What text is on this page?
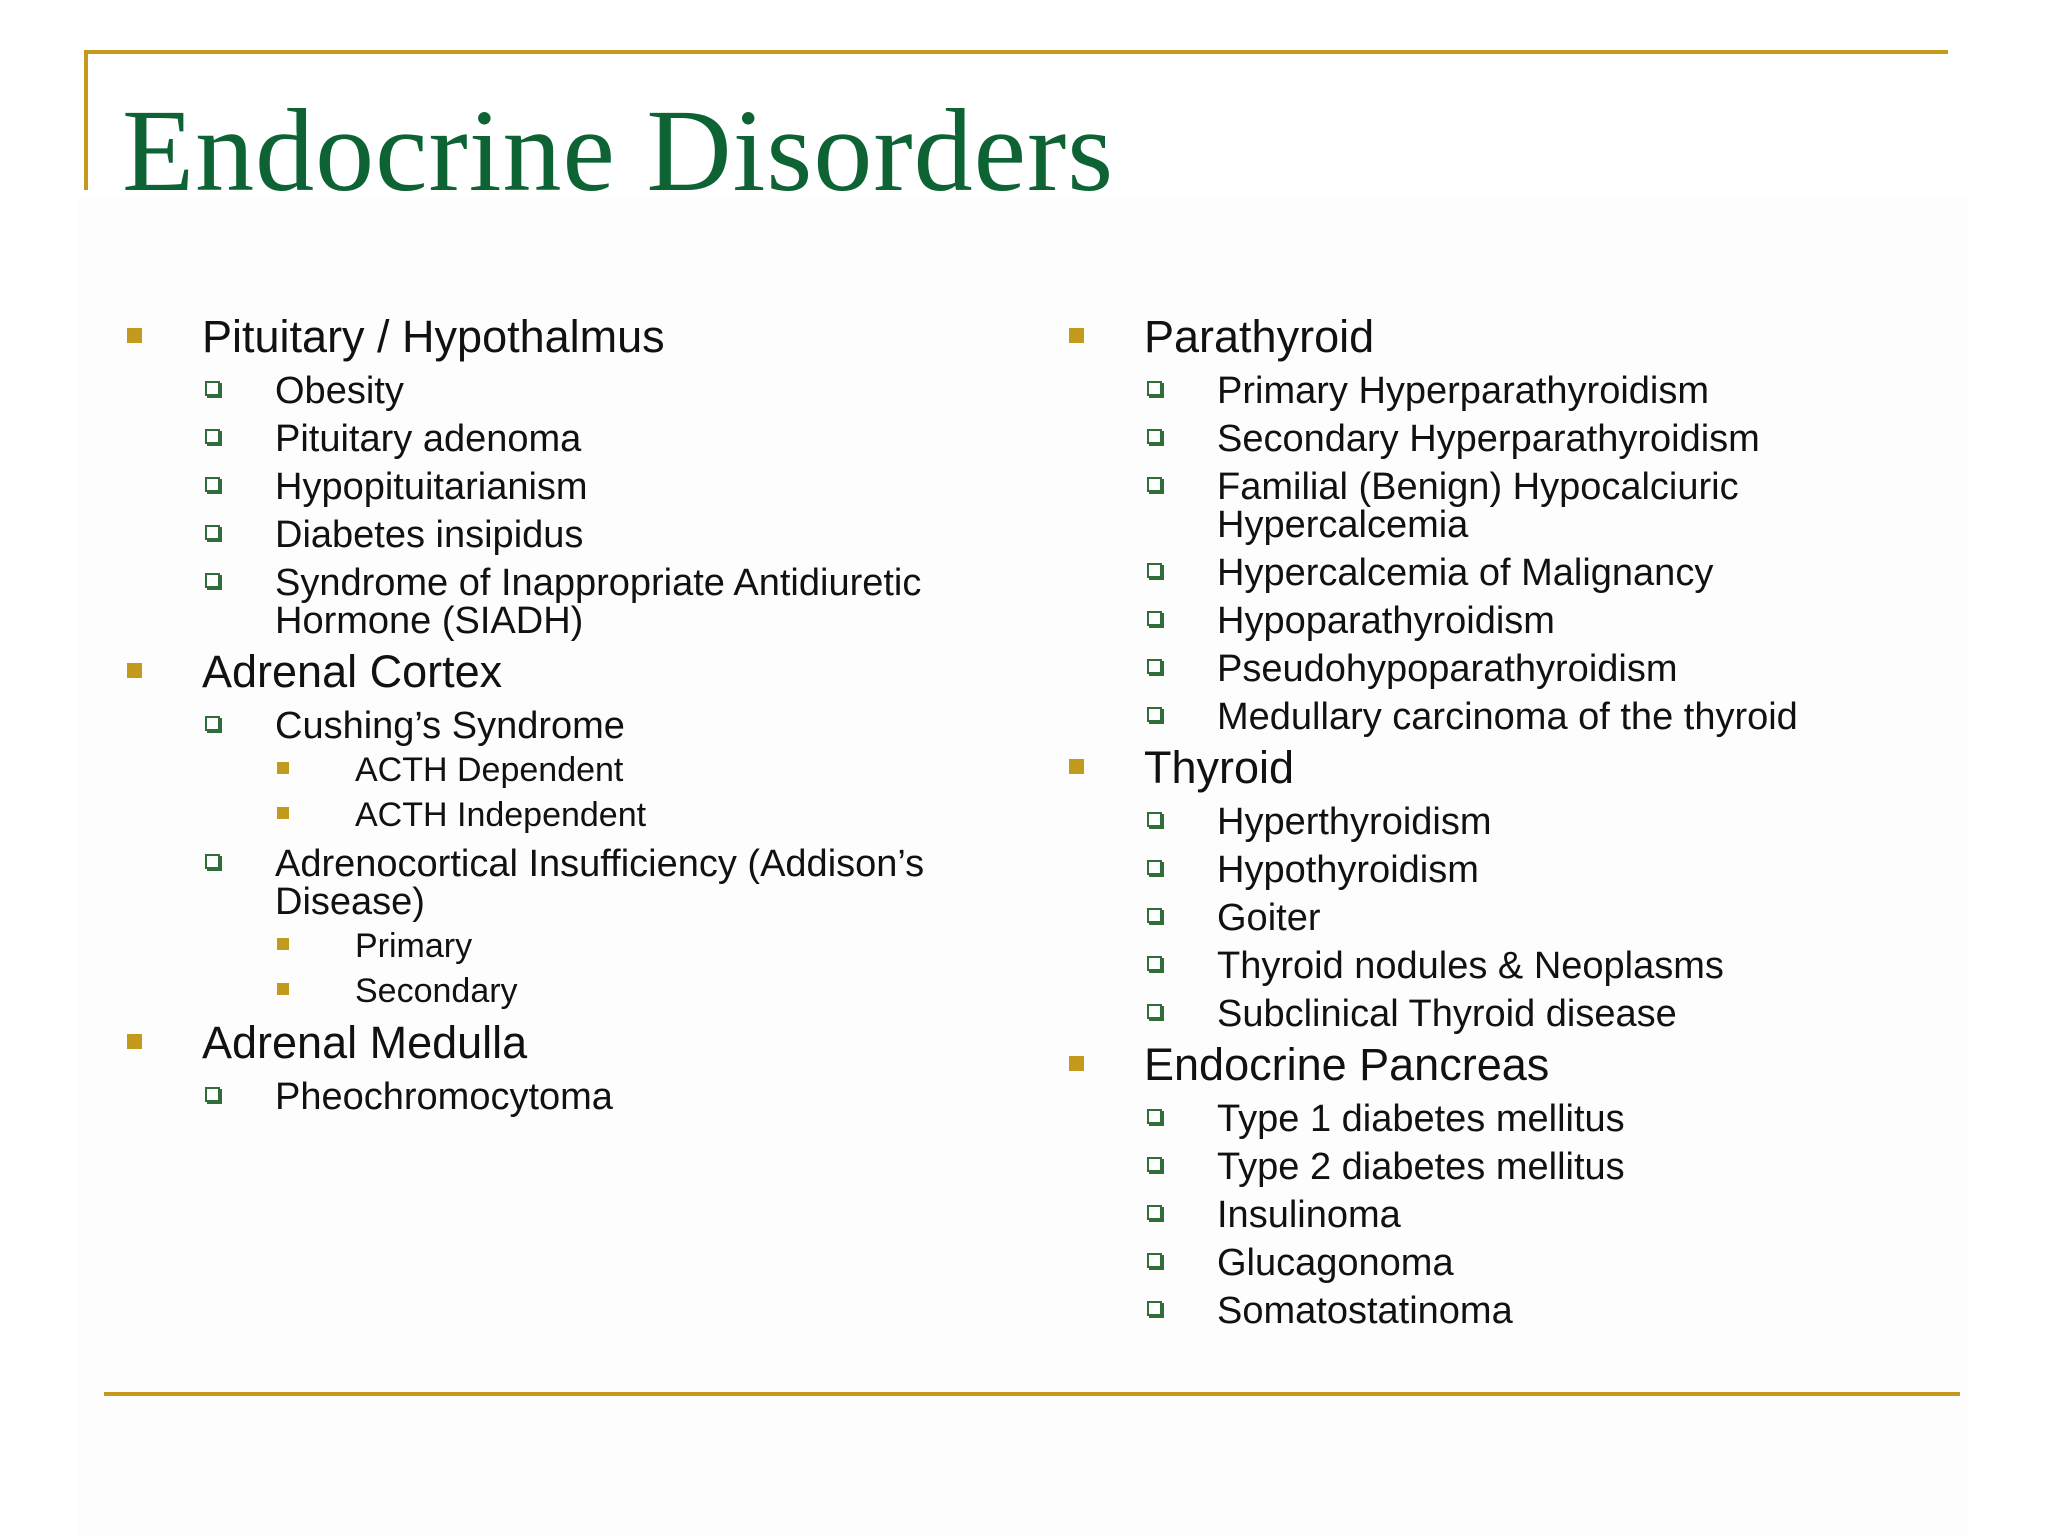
Endocrine Disorders
Pituitary / Hypothalmus
Obesity
Pituitary adenoma
Hypopituitarianism
Diabetes insipidus
Syndrome of Inappropriate Antidiuretic Hormone (SIADH)
Adrenal Cortex
Cushing’s Syndrome
ACTH Dependent
ACTH Independent
Adrenocortical Insufficiency (Addison’s Disease)
Primary
Secondary
Adrenal Medulla
Pheochromocytoma
Parathyroid
Primary Hyperparathyroidism
Secondary Hyperparathyroidism
Familial (Benign) Hypocalciuric Hypercalcemia
Hypercalcemia of Malignancy
Hypoparathyroidism
Pseudohypoparathyroidism
Medullary carcinoma of the thyroid
Thyroid
Hyperthyroidism
Hypothyroidism
Goiter
Thyroid nodules & Neoplasms
Subclinical Thyroid disease
Endocrine Pancreas
Type 1 diabetes mellitus
Type 2 diabetes mellitus
Insulinoma
Glucagonoma
Somatostatinoma
